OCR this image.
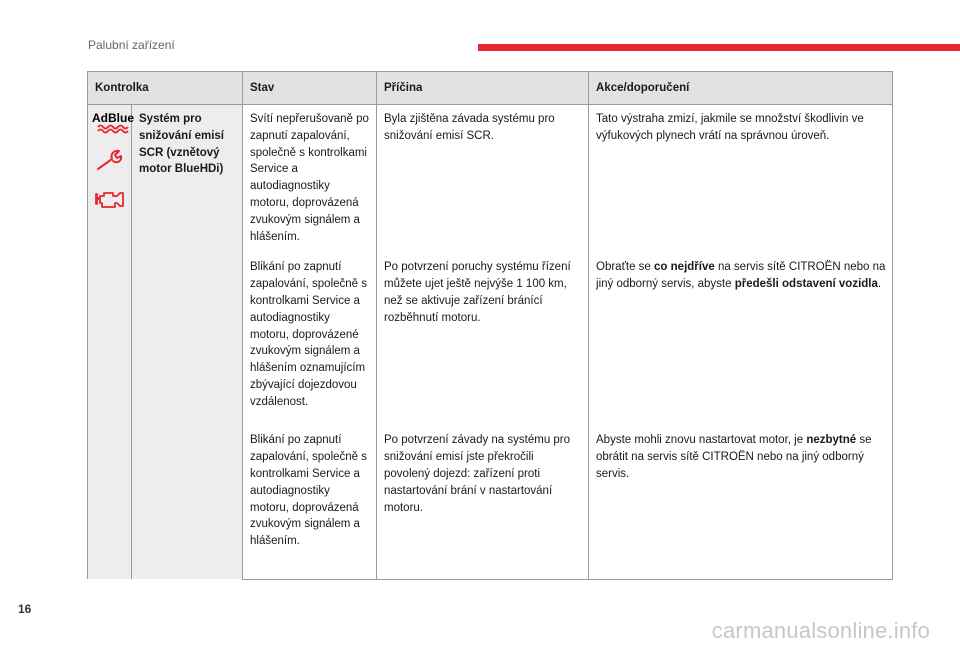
Palubní zařízení
Kontrolka		Stav	Příčina	Akce/doporučení

AdBlue	Systém pro snižování emisí SCR (vznětový motor BlueHDi)	Svítí nepřerušovaně po zapnutí zapalování, společně s kontrolkami Service a autodiagnostiky motoru, doprovázená zvukovým signálem a hlášením.	Byla zjištěna závada systému pro snižování emisí SCR.	Tato výstraha zmizí, jakmile se množství škodlivin ve výfukových plynech vrátí na správnou úroveň.
		Blikání po zapnutí zapalování, společně s kontrolkami Service a autodiagnostiky motoru, doprovázené zvukovým signálem a hlášením oznamujícím zbývající dojezdovou vzdálenost.	Po potvrzení poruchy systému řízení můžete ujet ještě nejvýše 1 100 km, než se aktivuje zařízení bránící rozběhnutí motoru.	Obraťte se co nejdříve na servis sítě CITROËN nebo na jiný odborný servis, abyste předešli odstavení vozidla.
		Blikání po zapnutí zapalování, společně s kontrolkami Service a autodiagnostiky motoru, doprovázená zvukovým signálem a hlášením.	Po potvrzení závady na systému pro snižování emisí jste překročili povolený dojezd: zařízení proti nastartování brání v nastartování motoru.	Abyste mohli znovu nastartovat motor, je nezbytné se obrátit na servis sítě CITROËN nebo na jiný odborný servis.
16
carmanualsonline.info
